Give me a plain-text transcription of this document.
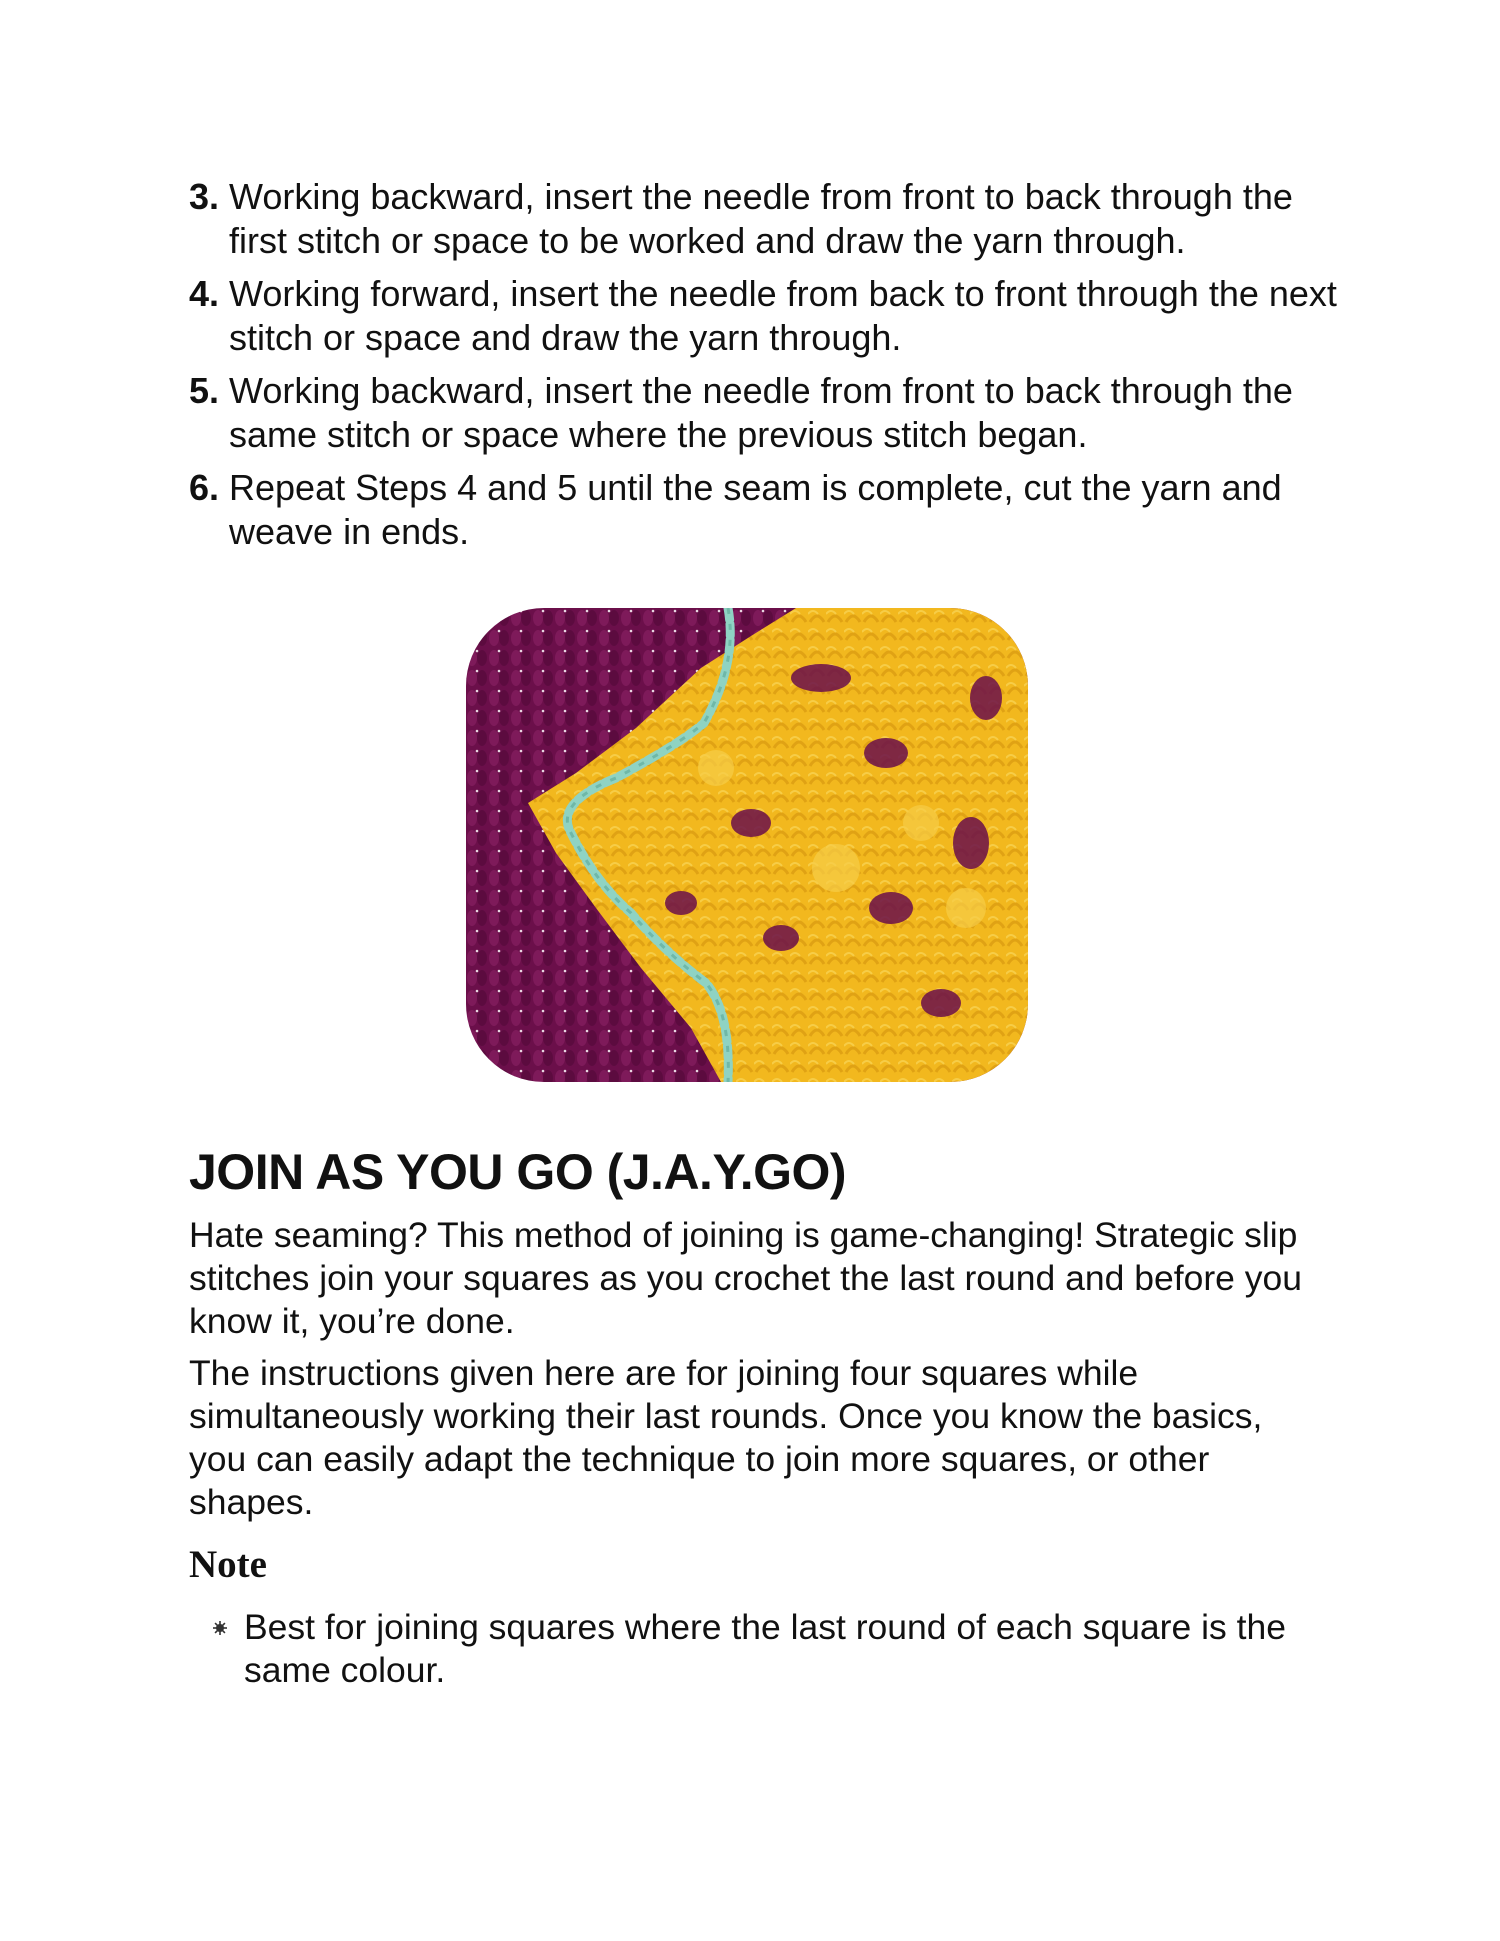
3. Working backward, insert the needle from front to back through the first stitch or space to be worked and draw the yarn through.
4. Working forward, insert the needle from back to front through the next stitch or space and draw the yarn through.
5. Working backward, insert the needle from front to back through the same stitch or space where the previous stitch began.
6. Repeat Steps 4 and 5 until the seam is complete, cut the yarn and weave in ends.
JOIN AS YOU GO (J.A.Y.GO)

Hate seaming? This method of joining is game-changing! Strategic slip stitches join your squares as you crochet the last round and before you know it, you’re done.

The instructions given here are for joining four squares while simultaneously working their last rounds. Once you know the basics, you can easily adapt the technique to join more squares, or other shapes.

Note
Best for joining squares where the last round of each square is the same colour.
